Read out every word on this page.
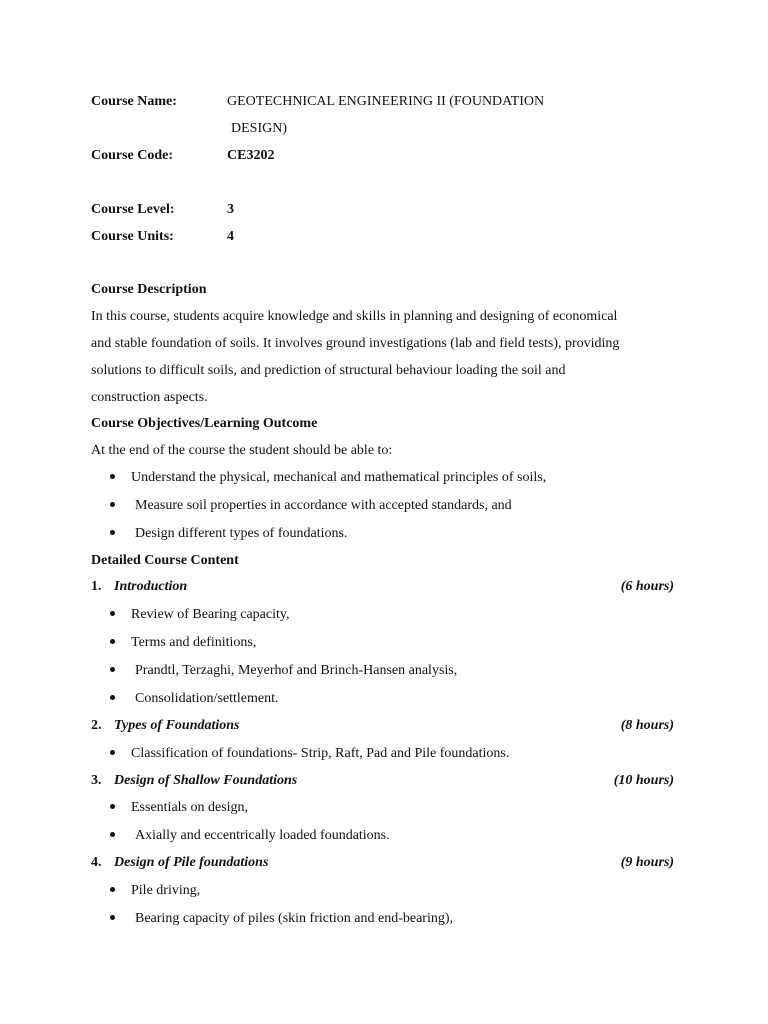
Course Name:	GEOTECHNICAL ENGINEERING II (FOUNDATION
DESIGN)
Course Code:	CE3202
Course Level:	3
Course Units:	4
Course Description
In this course, students acquire knowledge and skills in planning and designing of economical
and stable foundation of soils. It involves ground investigations (lab and field tests), providing
solutions to difficult soils, and prediction of structural behaviour loading the soil and
construction aspects.
Course Objectives/Learning Outcome
At the end of the course the student should be able to:
Understand the physical, mechanical and mathematical principles of soils,
Measure soil properties in accordance with accepted standards, and
Design different types of foundations.
Detailed Course Content
1. Introduction	(6 hours)
Review of Bearing capacity,
Terms and definitions,
Prandtl, Terzaghi, Meyerhof and Brinch-Hansen analysis,
Consolidation/settlement.
2. Types of Foundations	(8 hours)
Classification of foundations- Strip, Raft, Pad and Pile foundations.
3. Design of Shallow Foundations	(10 hours)
Essentials on design,
Axially and eccentrically loaded foundations.
4. Design of Pile foundations	(9 hours)
Pile driving,
Bearing capacity of piles (skin friction and end-bearing),
